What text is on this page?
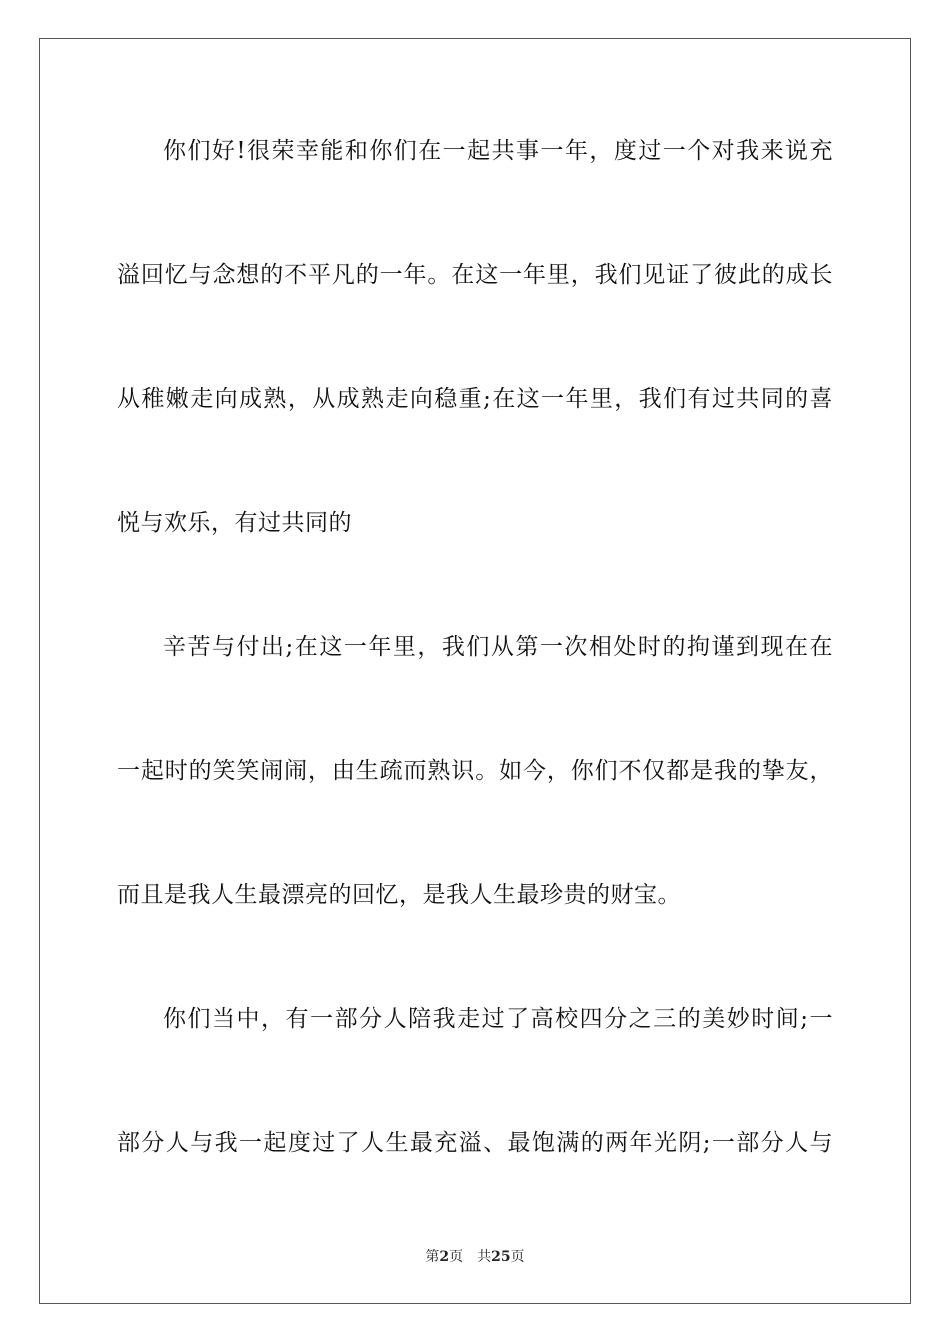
你们好!很荣幸能和你们在一起共事一年，度过一个对我来说充
溢回忆与念想的不平凡的一年。在这一年里，我们见证了彼此的成长
从稚嫩走向成熟，从成熟走向稳重;在这一年里，我们有过共同的喜
悦与欢乐，有过共同的
辛苦与付出;在这一年里，我们从第一次相处时的拘谨到现在在
一起时的笑笑闹闹，由生疏而熟识。如今，你们不仅都是我的挚友，
而且是我人生最漂亮的回忆，是我人生最珍贵的财宝。
你们当中，有一部分人陪我走过了高校四分之三的美妙时间;一
部分人与我一起度过了人生最充溢、最饱满的两年光阴;一部分人与
第2页 共25页
